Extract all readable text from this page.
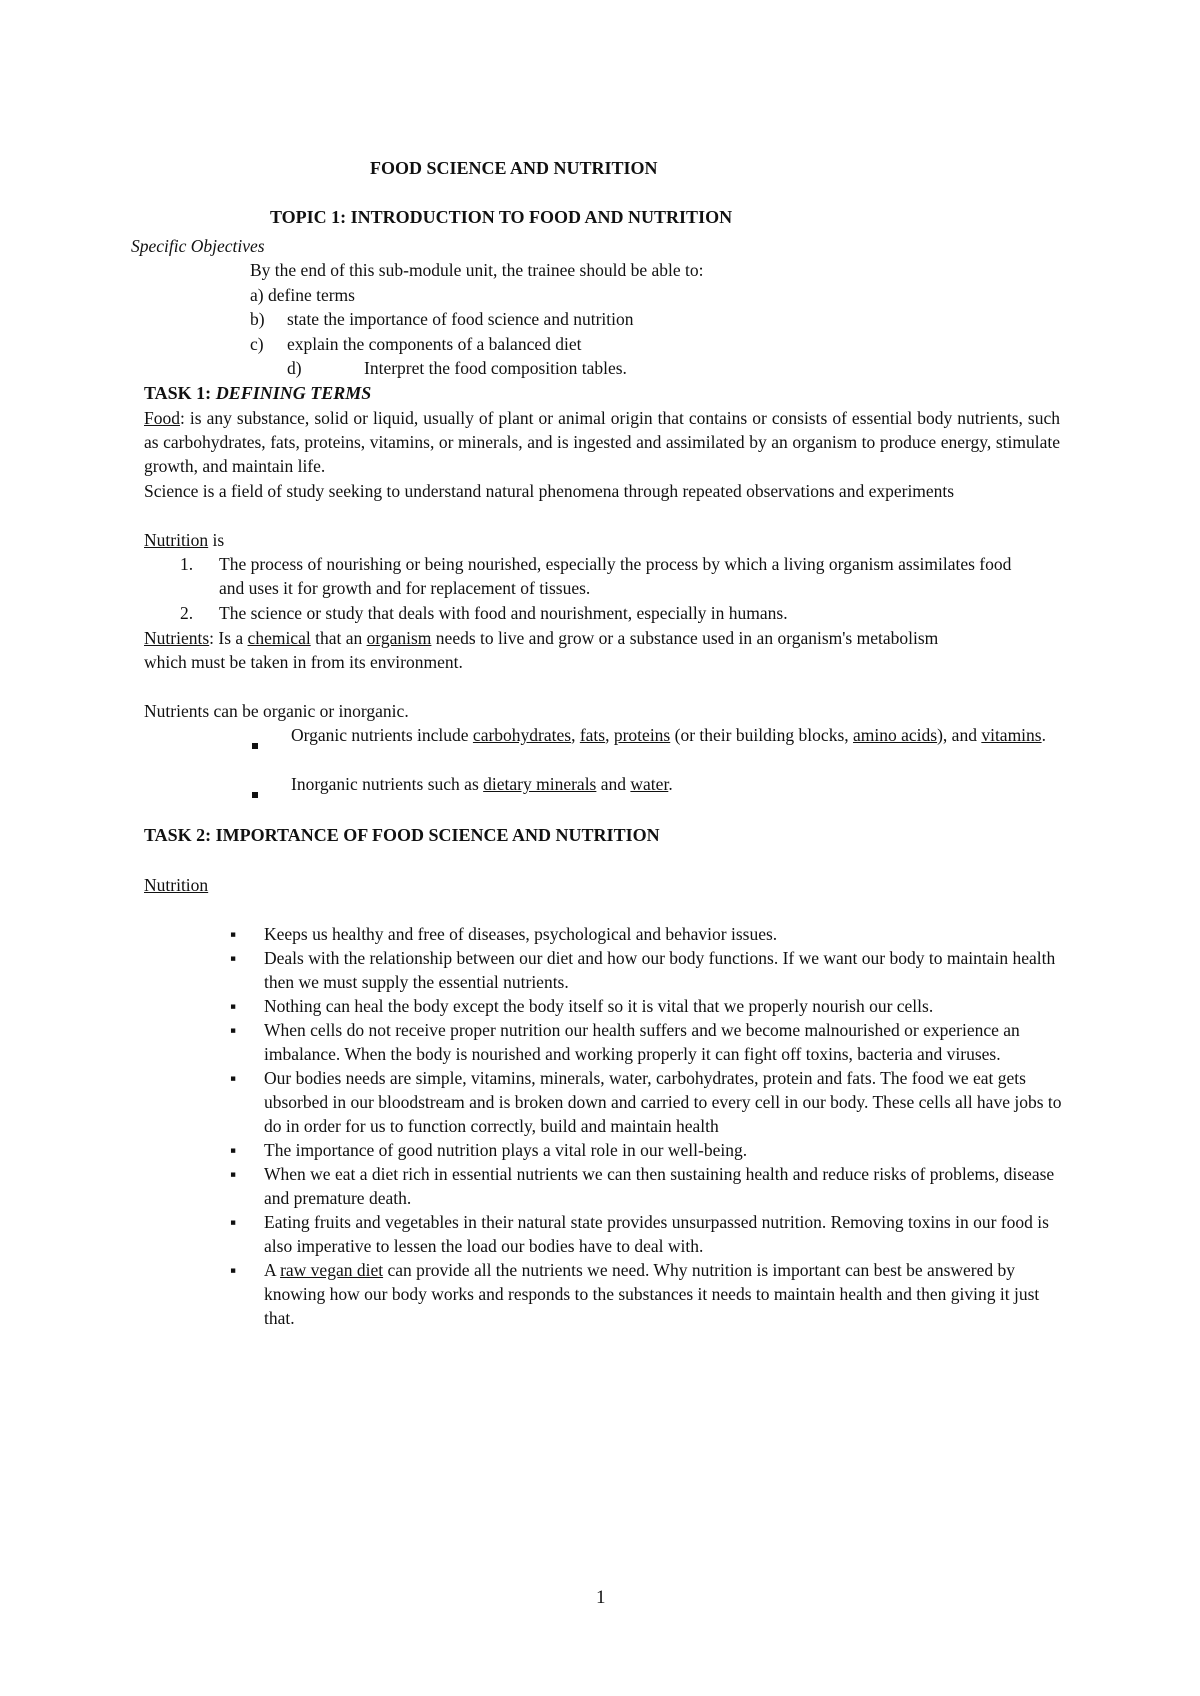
FOOD SCIENCE AND NUTRITION
TOPIC 1: INTRODUCTION TO FOOD AND NUTRITION
Specific Objectives
By the end of this sub-module unit, the trainee should be able to:
a) define terms
b)	state the importance of food science and nutrition
c)	explain the components of a balanced diet
d)	Interpret the food composition tables.
TASK 1: DEFINING TERMS

Food: is any substance, solid or liquid, usually of plant or animal origin that contains or consists of essential body nutrients, such as carbohydrates, fats, proteins, vitamins, or minerals, and is ingested and assimilated by an organism to produce energy, stimulate growth, and maintain life.

Science is a field of study seeking to understand natural phenomena through repeated observations and experiments

Nutrition is
1.	The process of nourishing or being nourished, especially the process by which a living organism assimilates food and uses it for growth and for replacement of tissues.
2.	The science or study that deals with food and nourishment, especially in humans.

Nutrients: Is a chemical that an organism needs to live and grow or a substance used in an organism's metabolism which must be taken in from its environment.

Nutrients can be organic or inorganic.

Organic nutrients include carbohydrates, fats, proteins (or their building blocks, amino acids), and vitamins.
Inorganic nutrients such as dietary minerals and water.
TASK 2: IMPORTANCE OF FOOD SCIENCE AND NUTRITION
Nutrition
▪	Keeps us healthy and free of diseases, psychological and behavior issues.
▪	Deals with the relationship between our diet and how our body functions. If we want our body to maintain health then we must supply the essential nutrients.
▪	Nothing can heal the body except the body itself so it is vital that we properly nourish our cells.
▪	When cells do not receive proper nutrition our health suffers and we become malnourished or experience an imbalance. When the body is nourished and working properly it can fight off toxins, bacteria and viruses.
▪	Our bodies needs are simple, vitamins, minerals, water, carbohydrates, protein and fats. The food we eat gets ubsorbed in our bloodstream and is broken down and carried to every cell in our body. These cells all have jobs to do in order for us to function correctly, build and maintain health
▪	The importance of good nutrition plays a vital role in our well-being.
▪	When we eat a diet rich in essential nutrients we can then sustaining health and reduce risks of problems, disease and premature death.
▪	Eating fruits and vegetables in their natural state provides unsurpassed nutrition. Removing toxins in our food is also imperative to lessen the load our bodies have to deal with.
▪	A raw vegan diet can provide all the nutrients we need. Why nutrition is important can best be answered by knowing how our body works and responds to the substances it needs to maintain health and then giving it just that.
1
